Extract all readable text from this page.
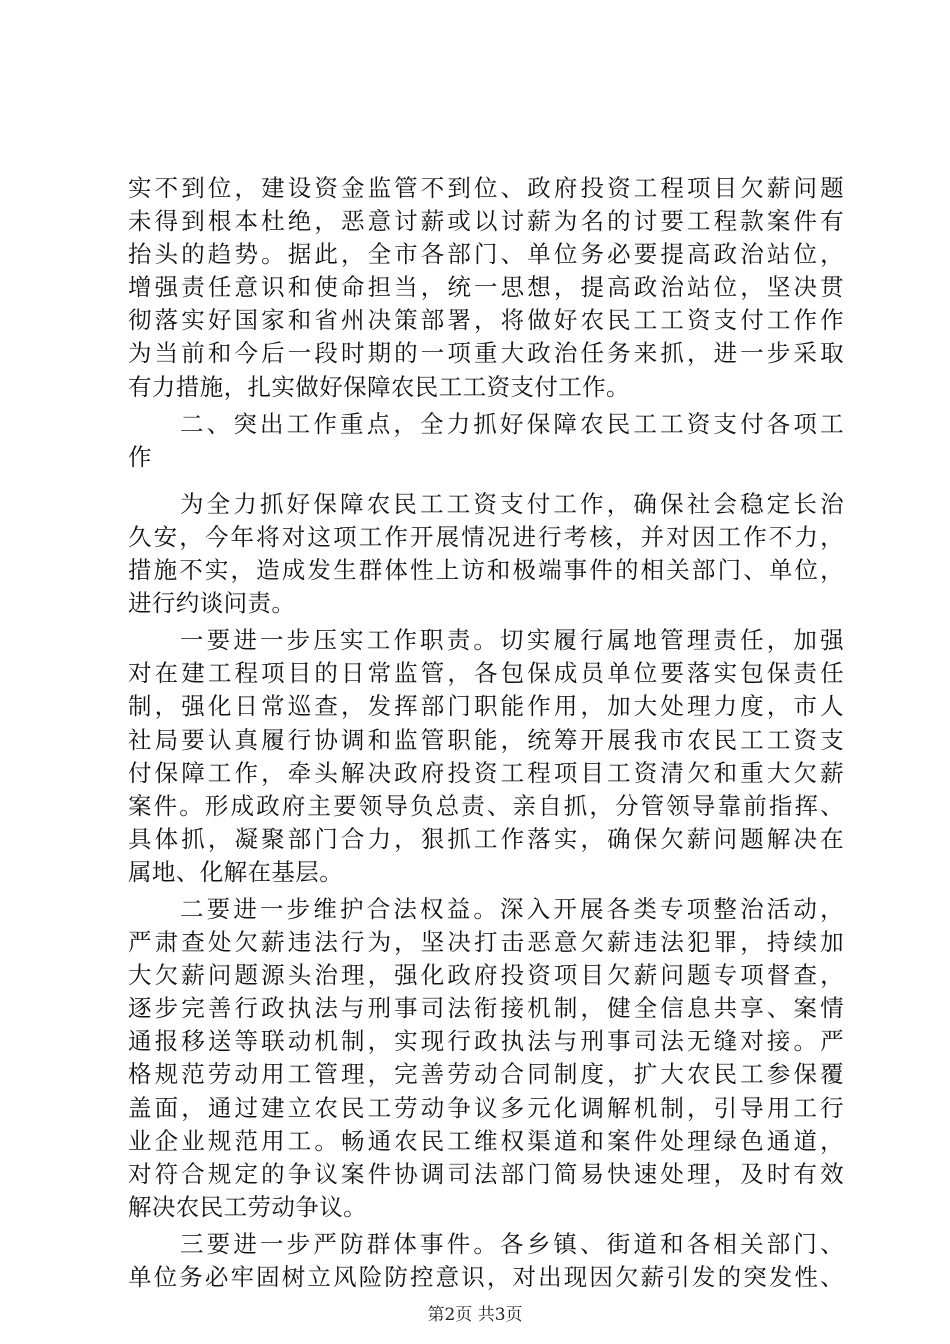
实不到位，建设资金监管不到位、政府投资工程项目欠薪问题
未得到根本杜绝，恶意讨薪或以讨薪为名的讨要工程款案件有
抬头的趋势。据此，全市各部门、单位务必要提高政治站位，
增强责任意识和使命担当，统一思想，提高政治站位，坚决贯
彻落实好国家和省州决策部署，将做好农民工工资支付工作作
为当前和今后一段时期的一项重大政治任务来抓，进一步采取
有力措施，扎实做好保障农民工工资支付工作。
二、突出工作重点，全力抓好保障农民工工资支付各项工
作
为全力抓好保障农民工工资支付工作，确保社会稳定长治
久安，今年将对这项工作开展情况进行考核，并对因工作不力，
措施不实，造成发生群体性上访和极端事件的相关部门、单位，
进行约谈问责。
一要进一步压实工作职责。切实履行属地管理责任，加强
对在建工程项目的日常监管，各包保成员单位要落实包保责任
制，强化日常巡查，发挥部门职能作用，加大处理力度，市人
社局要认真履行协调和监管职能，统筹开展我市农民工工资支
付保障工作，牵头解决政府投资工程项目工资清欠和重大欠薪
案件。形成政府主要领导负总责、亲自抓，分管领导靠前指挥、
具体抓，凝聚部门合力，狠抓工作落实，确保欠薪问题解决在
属地、化解在基层。
二要进一步维护合法权益。深入开展各类专项整治活动，
严肃查处欠薪违法行为，坚决打击恶意欠薪违法犯罪，持续加
大欠薪问题源头治理，强化政府投资项目欠薪问题专项督查，
逐步完善行政执法与刑事司法衔接机制，健全信息共享、案情
通报移送等联动机制，实现行政执法与刑事司法无缝对接。严
格规范劳动用工管理，完善劳动合同制度，扩大农民工参保覆
盖面，通过建立农民工劳动争议多元化调解机制，引导用工行
业企业规范用工。畅通农民工维权渠道和案件处理绿色通道，
对符合规定的争议案件协调司法部门简易快速处理，及时有效
解决农民工劳动争议。
三要进一步严防群体事件。各乡镇、街道和各相关部门、
单位务必牢固树立风险防控意识，对出现因欠薪引发的突发性、
第2页 共3页
